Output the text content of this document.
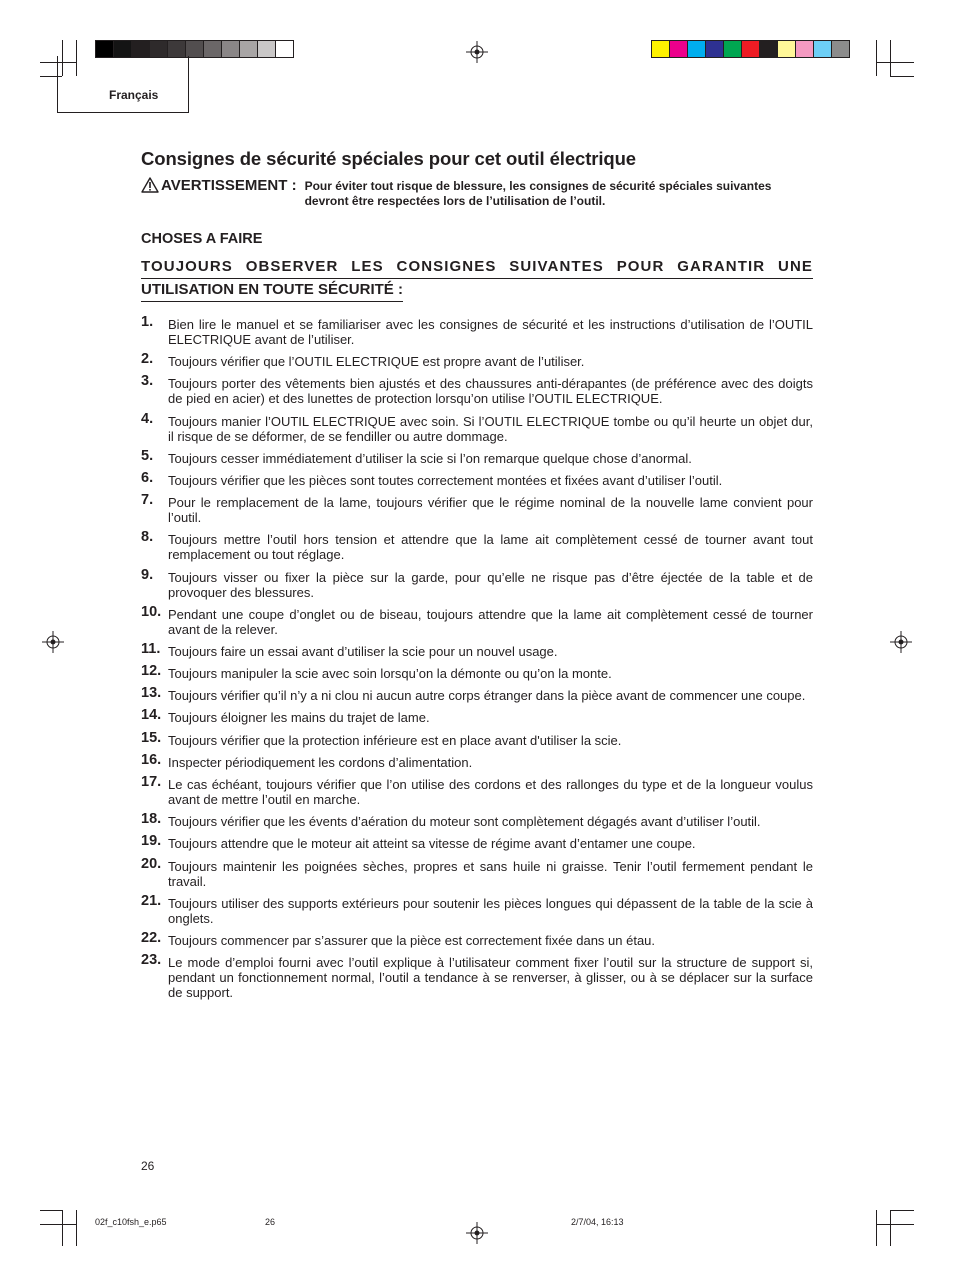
Français
Consignes de sécurité spéciales pour cet outil électrique
AVERTISSEMENT : Pour éviter tout risque de blessure, les consignes de sécurité spéciales suivantes devront être respectées lors de l’utilisation de l’outil.
CHOSES A FAIRE
TOUJOURS OBSERVER LES CONSIGNES SUIVANTES POUR GARANTIR UNE
UTILISATION EN TOUTE SÉCURITÉ :
1.	Bien lire le manuel et se familiariser avec les consignes de sécurité et les instructions d’utilisation de l’OUTIL ELECTRIQUE avant de l’utiliser.
2.	Toujours vérifier que l’OUTIL ELECTRIQUE est propre avant de l’utiliser.
3.	Toujours porter des vêtements bien ajustés et des chaussures anti-dérapantes (de préférence avec des doigts de pied en acier) et des lunettes de protection lorsqu’on utilise l’OUTIL ELECTRIQUE.
4.	Toujours manier l’OUTIL ELECTRIQUE avec soin. Si l’OUTIL ELECTRIQUE tombe ou qu’il heurte un objet dur, il risque de se déformer, de se fendiller ou autre dommage.
5.	Toujours cesser immédiatement d’utiliser la scie si l’on remarque quelque chose d’anormal.
6.	Toujours vérifier que les pièces sont toutes correctement montées et fixées avant d’utiliser l’outil.
7.	Pour le remplacement de la lame, toujours vérifier que le régime nominal de la nouvelle lame convient pour l’outil.
8.	Toujours mettre l’outil hors tension et attendre que la lame ait complètement cessé de tourner avant tout remplacement ou tout réglage.
9.	Toujours visser ou fixer la pièce sur la garde, pour qu’elle ne risque pas d’être éjectée de la table et de provoquer des blessures.
10. Pendant une coupe d’onglet ou de biseau, toujours attendre que la lame ait complètement cessé de tourner avant de la relever.
11. Toujours faire un essai avant d’utiliser la scie pour un nouvel usage.
12. Toujours manipuler la scie avec soin lorsqu’on la démonte ou qu’on la monte.
13. Toujours vérifier qu’il n’y a ni clou ni aucun autre corps étranger dans la pièce avant de commencer une coupe.
14. Toujours éloigner les mains du trajet de lame.
15. Toujours vérifier que la protection inférieure est en place avant d'utiliser la scie.
16. Inspecter périodiquement les cordons d’alimentation.
17. Le cas échéant, toujours vérifier que l’on utilise des cordons et des rallonges du type et de la longueur voulus avant de mettre l’outil en marche.
18. Toujours vérifier que les évents d’aération du moteur sont complètement dégagés avant d’utiliser l’outil.
19. Toujours attendre que le moteur ait atteint sa vitesse de régime avant d’entamer une coupe.
20. Toujours maintenir les poignées sèches, propres et sans huile ni graisse. Tenir l’outil fermement pendant le travail.
21. Toujours utiliser des supports extérieurs pour soutenir les pièces longues qui dépassent de la table de la scie à onglets.
22. Toujours commencer par s’assurer que la pièce est correctement fixée dans un étau.
23. Le mode d’emploi fourni avec l’outil explique à l’utilisateur comment fixer l’outil sur la structure de support si, pendant un fonctionnement normal, l’outil a tendance à se renverser, à glisser, ou à se déplacer sur la surface de support.
26
02f_c10fsh_e.p65	26	2/7/04, 16:13
